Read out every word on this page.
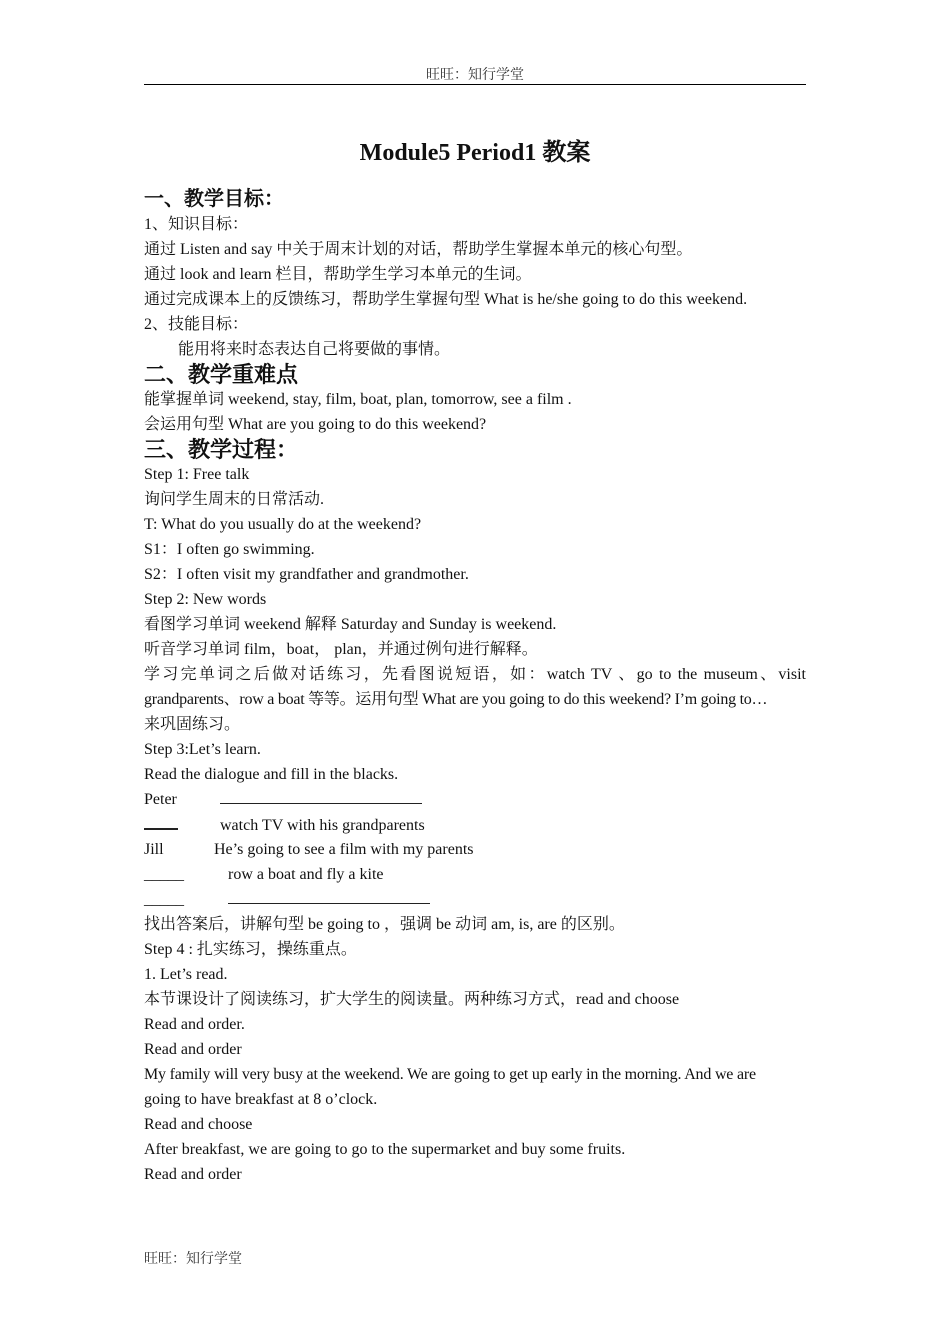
旺旺：知行学堂
Module5 Period1 教案
一、教学目标：
1、知识目标：
通过 Listen and say 中关于周末计划的对话，帮助学生掌握本单元的核心句型。
通过 look and learn 栏目，帮助学生学习本单元的生词。
通过完成课本上的反馈练习，帮助学生掌握句型 What is he/she going to do this weekend.
2、技能目标：
能用将来时态表达自己将要做的事情。
二、教学重难点
能掌握单词 weekend, stay, film, boat, plan, tomorrow, see a film .
会运用句型 What are you going to do this weekend?
三、教学过程：
Step 1: Free talk
询问学生周末的日常活动.
T: What do you usually do at the weekend?
S1：I often go swimming.
S2：I often visit my grandfather and grandmother.
Step 2: New words
看图学习单词 weekend 解释 Saturday and Sunday is weekend.
听音学习单词 film，boat， plan，并通过例句进行解释。
学习完单词之后做对话练习，先看图说短语，如：watch TV 、go to the museum、visit
grandparents、row a boat 等等。运用句型 What are you going to do this weekend? I’m going to…
来巩固练习。
Step 3:Let’s learn.
Read the dialogue and fill in the blacks.
Peter
watch TV with his grandparents
Jill	He’s going to see a film with my parents
_____	row a boat and fly a kite
_____
找出答案后，讲解句型 be going to ，强调 be 动词 am, is, are 的区别。
Step 4 : 扎实练习，操练重点。
1. Let’s read.
本节课设计了阅读练习，扩大学生的阅读量。两种练习方式，read and choose
Read and order.
Read and order
My family will very busy at the weekend. We are going to get up early in the morning. And we are
going to have breakfast at 8 o’clock.
Read and choose
After breakfast, we are going to go to the supermarket and buy some fruits.
Read and order
旺旺：知行学堂
